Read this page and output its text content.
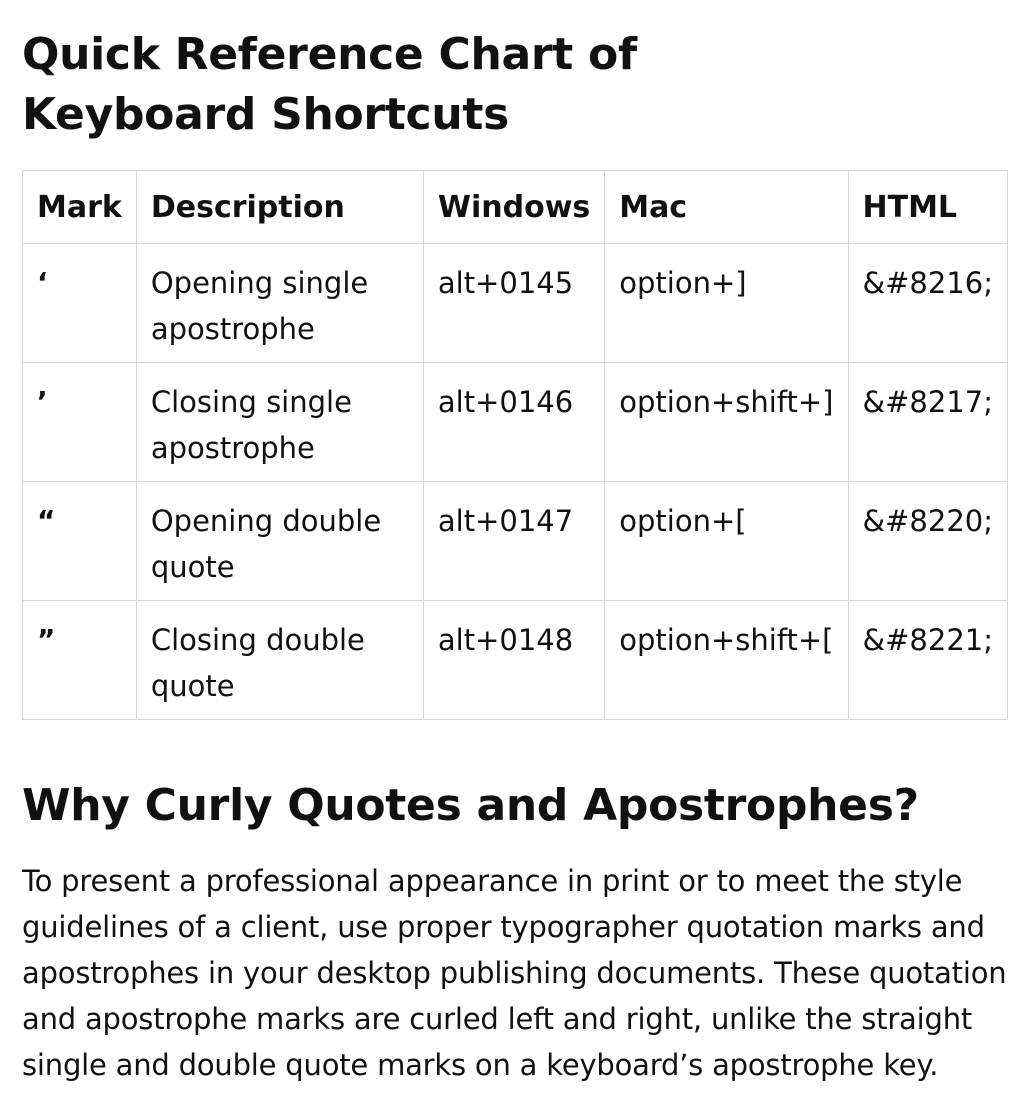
Quick Reference Chart of Keyboard Shortcuts
Mark	Description	Windows	Mac	HTML
‘	Opening single apostrophe	alt+0145	option+]	&#8216;
’	Closing single apostrophe	alt+0146	option+shift+]	&#8217;
“	Opening double quote	alt+0147	option+[	&#8220;
”	Closing double quote	alt+0148	option+shift+[	&#8221;
Why Curly Quotes and Apostrophes?

To present a professional appearance in print or to meet the style guidelines of a client, use proper typographer quotation marks and apostrophes in your desktop publishing documents. These quotation and apostrophe marks are curled left and right, unlike the straight single and double quote marks on a keyboard’s apostrophe key.
